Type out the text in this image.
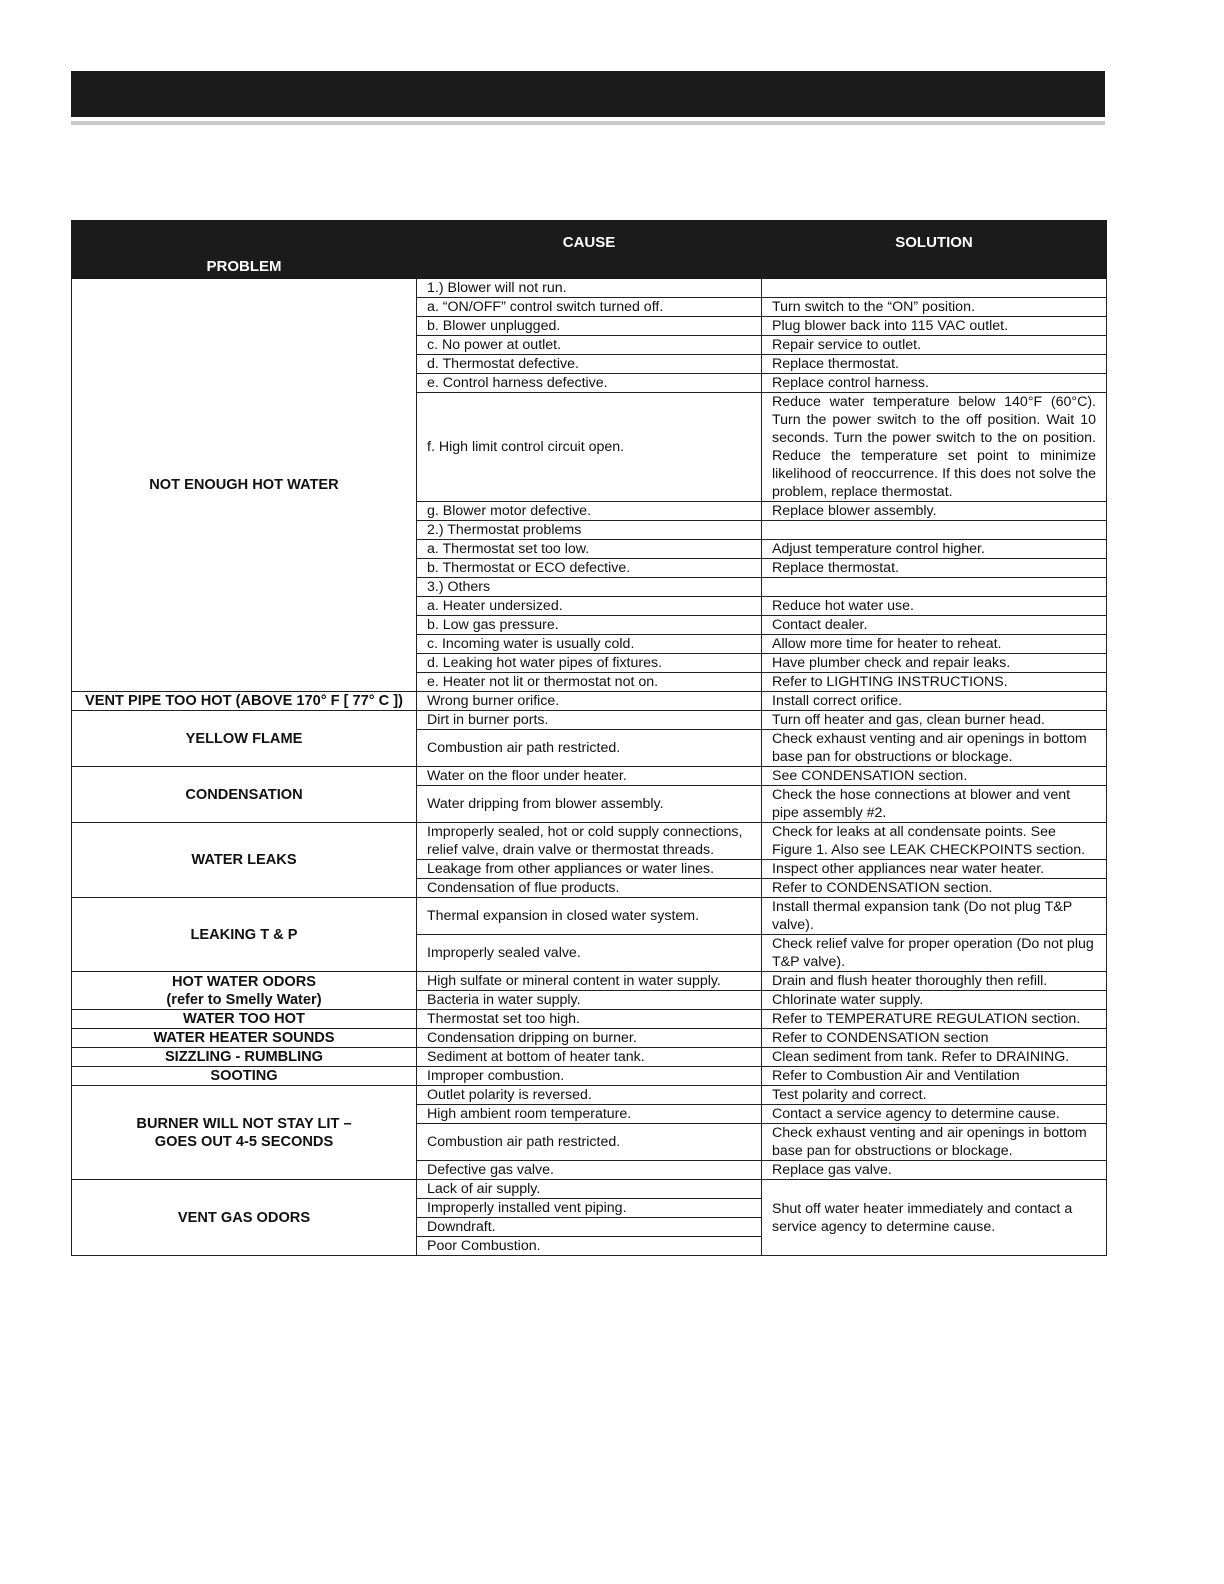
PROBLEM	CAUSE	SOLUTION
NOT ENOUGH HOT WATER	1.) Blower will not run.	
	a. “ON/OFF” control switch turned off.	Turn switch to the “ON” position.
	b. Blower unplugged.	Plug blower back into 115 VAC outlet.
	c. No power at outlet.	Repair service to outlet.
	d. Thermostat defective.	Replace thermostat.
	e. Control harness defective.	Replace control harness.
	f. High limit control circuit open.	Reduce water temperature below 140°F (60°C). Turn the power switch to the off position. Wait 10 seconds. Turn the power switch to the on position. Reduce the temperature set point to minimize likelihood of reoccurrence. If this does not solve the problem, replace thermostat.
	g. Blower motor defective.	Replace blower assembly.
	2.) Thermostat problems	
	a. Thermostat set too low.	Adjust temperature control higher.
	b. Thermostat or ECO defective.	Replace thermostat.
	3.) Others	
	a. Heater undersized.	Reduce hot water use.
	b. Low gas pressure.	Contact dealer.
	c. Incoming water is usually cold.	Allow more time for heater to reheat.
	d. Leaking hot water pipes of fixtures.	Have plumber check and repair leaks.
	e. Heater not lit or thermostat not on.	Refer to LIGHTING INSTRUCTIONS.
VENT PIPE TOO HOT (ABOVE 170° F [ 77° C ])	Wrong burner orifice.	Install correct orifice.
YELLOW FLAME	Dirt in burner ports.	Turn off heater and gas, clean burner head.
	Combustion air path restricted.	Check exhaust venting and air openings in bottom base pan for obstructions or blockage.
CONDENSATION	Water on the floor under heater.	See CONDENSATION section.
	Water dripping from blower assembly.	Check the hose connections at blower and vent pipe assembly #2.
WATER LEAKS	Improperly sealed, hot or cold supply connections, relief valve, drain valve or thermostat threads.	Check for leaks at all condensate points. See Figure 1. Also see LEAK CHECKPOINTS section.
	Leakage from other appliances or water lines.	Inspect other appliances near water heater.
	Condensation of flue products.	Refer to CONDENSATION section.
LEAKING T & P	Thermal expansion in closed water system.	Install thermal expansion tank (Do not plug T&P valve).
	Improperly sealed valve.	Check relief valve for proper operation (Do not plug T&P valve).
HOT WATER ODORS
(refer to Smelly Water)	High sulfate or mineral content in water supply.	Drain and flush heater thoroughly then refill.
	Bacteria in water supply.	Chlorinate water supply.
WATER TOO HOT	Thermostat set too high.	Refer to TEMPERATURE REGULATION section.
WATER HEATER SOUNDS	Condensation dripping on burner.	Refer to CONDENSATION section
SIZZLING - RUMBLING	Sediment at bottom of heater tank.	Clean sediment from tank. Refer to DRAINING.
SOOTING	Improper combustion.	Refer to Combustion Air and Ventilation
BURNER WILL NOT STAY LIT –
GOES OUT 4-5 SECONDS	Outlet polarity is reversed.	Test polarity and correct.
	High ambient room temperature.	Contact a service agency to determine cause.
	Combustion air path restricted.	Check exhaust venting and air openings in bottom base pan for obstructions or blockage.
	Defective gas valve.	Replace gas valve.
VENT GAS ODORS	Lack of air supply.	Shut off water heater immediately and contact a service agency to determine cause.
	Improperly installed vent piping.	
	Downdraft.	
	Poor Combustion.	
